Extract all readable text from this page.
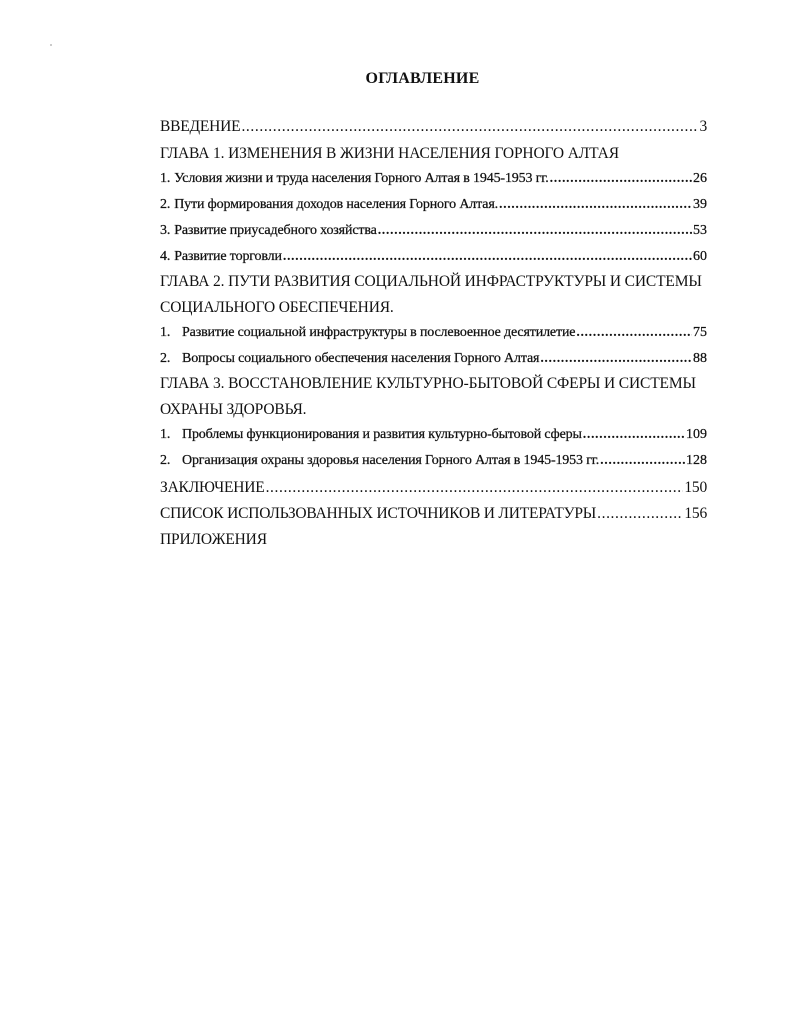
ОГЛАВЛЕНИЕ
ВВЕДЕНИЕ .....	3
ГЛАВА 1. ИЗМЕНЕНИЯ В ЖИЗНИ НАСЕЛЕНИЯ ГОРНОГО АЛТАЯ
1. Условия жизни и труда населения Горного Алтая в 1945-1953 гг. .....	26
2. Пути формирования доходов населения Горного Алтая. .....	39
3. Развитие приусадебного хозяйства .....	53
4. Развитие торговли .....	60
ГЛАВА 2. ПУТИ РАЗВИТИЯ СОЦИАЛЬНОЙ ИНФРАСТРУКТУРЫ И СИСТЕМЫ
СОЦИАЛЬНОГО ОБЕСПЕЧЕНИЯ.
1. Развитие социальной инфраструктуры в послевоенное десятилетие .....	75
2. Вопросы социального обеспечения населения Горного Алтая .....	88
ГЛАВА 3. ВОССТАНОВЛЕНИЕ КУЛЬТУРНО-БЫТОВОЙ СФЕРЫ И СИСТЕМЫ
ОХРАНЫ ЗДОРОВЬЯ.
1. Проблемы функционирования и развития культурно-бытовой сферы .....	109
2. Организация охраны здоровья населения Горного Алтая в 1945-1953 гг. .....	128
ЗАКЛЮЧЕНИЕ .....	150
СПИСОК ИСПОЛЬЗОВАННЫХ ИСТОЧНИКОВ И ЛИТЕРАТУРЫ .....	156
ПРИЛОЖЕНИЯ
